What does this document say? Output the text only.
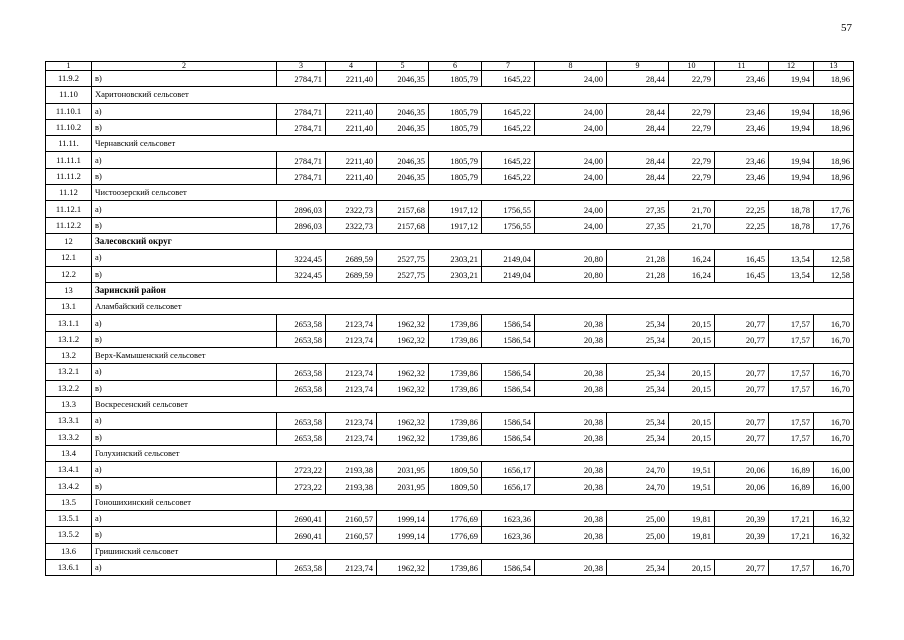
57
1	2	3	4	5	6	7	8	9	10	11	12	13
11.9.2	в)	2784,71	2211,40	2046,35	1805,79	1645,22	24,00	28,44	22,79	23,46	19,94	18,96
11.10	Харитоновский сельсовет											
11.10.1	а)	2784,71	2211,40	2046,35	1805,79	1645,22	24,00	28,44	22,79	23,46	19,94	18,96
11.10.2	в)	2784,71	2211,40	2046,35	1805,79	1645,22	24,00	28,44	22,79	23,46	19,94	18,96
11.11.	Чернавский сельсовет											
11.11.1	а)	2784,71	2211,40	2046,35	1805,79	1645,22	24,00	28,44	22,79	23,46	19,94	18,96
11.11.2	в)	2784,71	2211,40	2046,35	1805,79	1645,22	24,00	28,44	22,79	23,46	19,94	18,96
11.12	Чистоозерский сельсовет											
11.12.1	а)	2896,03	2322,73	2157,68	1917,12	1756,55	24,00	27,35	21,70	22,25	18,78	17,76
11.12.2	в)	2896,03	2322,73	2157,68	1917,12	1756,55	24,00	27,35	21,70	22,25	18,78	17,76
12	Залесовский округ											
12.1	а)	3224,45	2689,59	2527,75	2303,21	2149,04	20,80	21,28	16,24	16,45	13,54	12,58
12.2	в)	3224,45	2689,59	2527,75	2303,21	2149,04	20,80	21,28	16,24	16,45	13,54	12,58
13	Заринский район											
13.1	Аламбайский сельсовет											
13.1.1	а)	2653,58	2123,74	1962,32	1739,86	1586,54	20,38	25,34	20,15	20,77	17,57	16,70
13.1.2	в)	2653,58	2123,74	1962,32	1739,86	1586,54	20,38	25,34	20,15	20,77	17,57	16,70
13.2	Верх-Камышенский сельсовет											
13.2.1	а)	2653,58	2123,74	1962,32	1739,86	1586,54	20,38	25,34	20,15	20,77	17,57	16,70
13.2.2	в)	2653,58	2123,74	1962,32	1739,86	1586,54	20,38	25,34	20,15	20,77	17,57	16,70
13.3	Воскресенский сельсовет											
13.3.1	а)	2653,58	2123,74	1962,32	1739,86	1586,54	20,38	25,34	20,15	20,77	17,57	16,70
13.3.2	в)	2653,58	2123,74	1962,32	1739,86	1586,54	20,38	25,34	20,15	20,77	17,57	16,70
13.4	Голухинский сельсовет											
13.4.1	а)	2723,22	2193,38	2031,95	1809,50	1656,17	20,38	24,70	19,51	20,06	16,89	16,00
13.4.2	в)	2723,22	2193,38	2031,95	1809,50	1656,17	20,38	24,70	19,51	20,06	16,89	16,00
13.5	Гоношихинский сельсовет											
13.5.1	а)	2690,41	2160,57	1999,14	1776,69	1623,36	20,38	25,00	19,81	20,39	17,21	16,32
13.5.2	в)	2690,41	2160,57	1999,14	1776,69	1623,36	20,38	25,00	19,81	20,39	17,21	16,32
13.6	Гришинский сельсовет											
13.6.1	а)	2653,58	2123,74	1962,32	1739,86	1586,54	20,38	25,34	20,15	20,77	17,57	16,70
